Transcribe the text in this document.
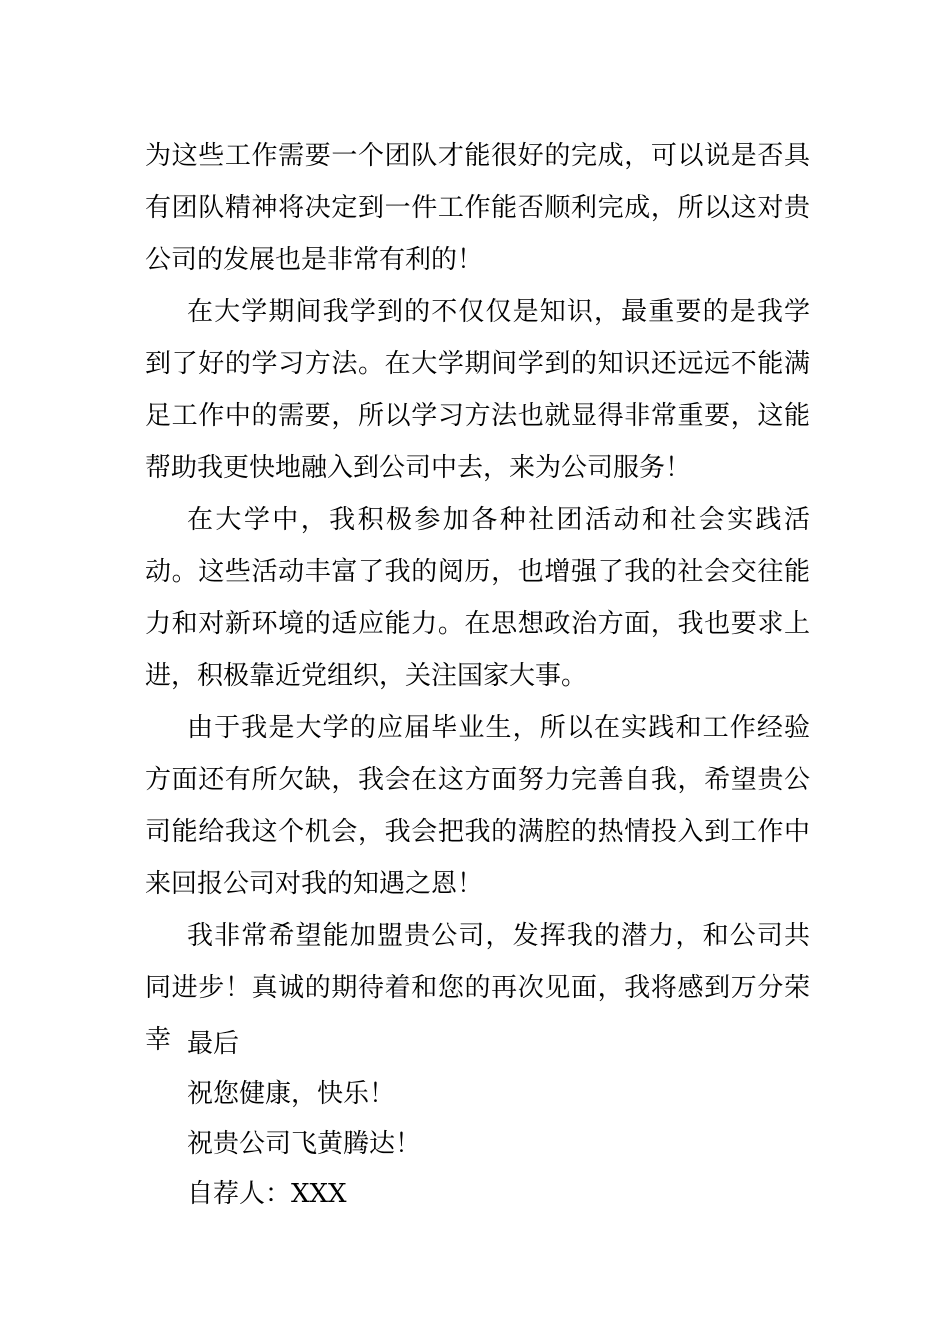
为这些工作需要一个团队才能很好的完成，可以说是否具有团队精神将决定到一件工作能否顺利完成，所以这对贵公司的发展也是非常有利的！

在大学期间我学到的不仅仅是知识，最重要的是我学到了好的学习方法。在大学期间学到的知识还远远不能满足工作中的需要，所以学习方法也就显得非常重要，这能帮助我更快地融入到公司中去，来为公司服务！

在大学中，我积极参加各种社团活动和社会实践活动。这些活动丰富了我的阅历，也增强了我的社会交往能力和对新环境的适应能力。在思想政治方面，我也要求上进，积极靠近党组织，关注国家大事。

由于我是大学的应届毕业生，所以在实践和工作经验方面还有所欠缺，我会在这方面努力完善自我，希望贵公司能给我这个机会，我会把我的满腔的热情投入到工作中来回报公司对我的知遇之恩！

我非常希望能加盟贵公司，发挥我的潜力，和公司共同进步！真诚的期待着和您的再次见面，我将感到万分荣幸 最后
祝您健康，快乐！
祝贵公司飞黄腾达！
自荐人：XXX
